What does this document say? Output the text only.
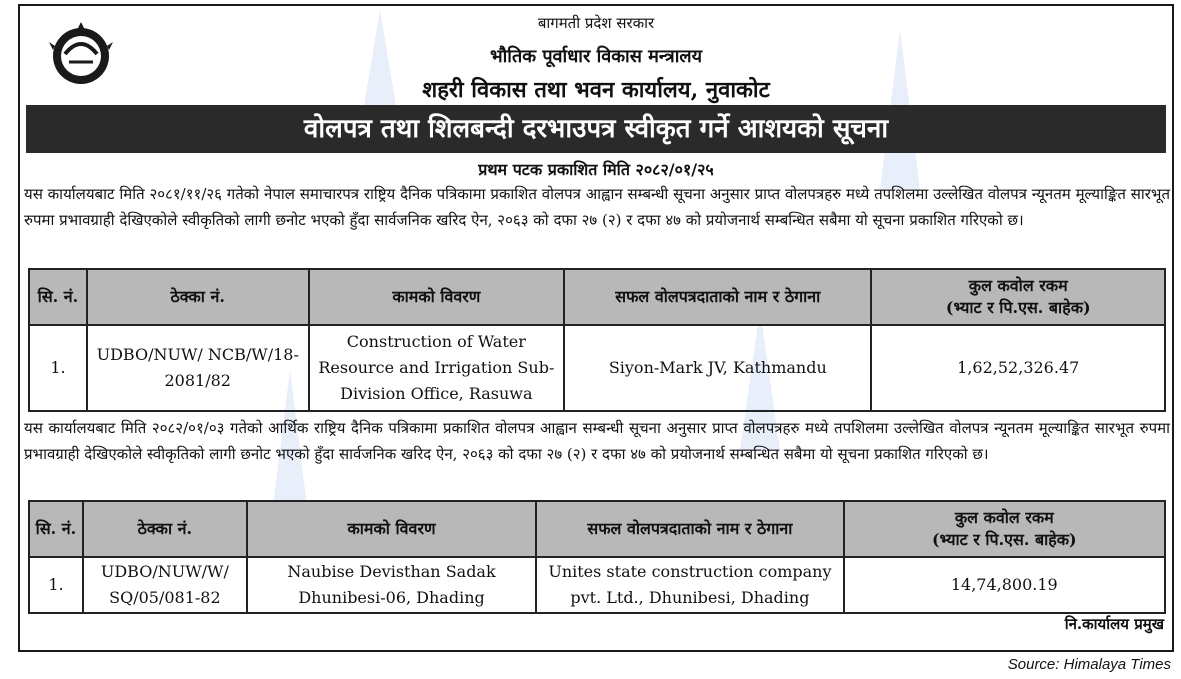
बागमती प्रदेश सरकार
भौतिक पूर्वाधार विकास मन्त्रालय
शहरी विकास तथा भवन कार्यालय, नुवाकोट
वोलपत्र तथा शिलबन्दी दरभाउपत्र स्वीकृत गर्ने आशयको सूचना
प्रथम पटक प्रकाशित मिति २०८२/०१/२५

यस कार्यालयबाट मिति २०८१/११/२६ गतेको नेपाल समाचारपत्र राष्ट्रिय दैनिक पत्रिकामा प्रकाशित वोलपत्र आह्वान सम्बन्धी सूचना अनुसार प्राप्त वोलपत्रहरु मध्ये तपशिलमा उल्लेखित वोलपत्र न्यूनतम मूल्याङ्कित सारभूत रुपमा प्रभावग्राही देखिएकोले स्वीकृतिको लागी छनोट भएको हुँदा सार्वजनिक खरिद ऐन, २०६३ को दफा २७ (२) र दफा ४७ को प्रयोजनार्थ सम्बन्धित सबैमा यो सूचना प्रकाशित गरिएको छ।

सि. नं.	ठेक्का नं.	कामको विवरण	सफल वोलपत्रदाताको नाम र ठेगाना	कुल कवोल रकम
(भ्याट र पि.एस. बाहेक)

1.	UDBO/NUW/ NCB/W/18-2081/82	Construction of Water Resource and Irrigation Sub-Division Office, Rasuwa	Siyon-Mark JV, Kathmandu	1,62,52,326.47

यस कार्यालयबाट मिति २०८२/०१/०३ गतेको आर्थिक राष्ट्रिय दैनिक पत्रिकामा प्रकाशित वोलपत्र आह्वान सम्बन्धी सूचना अनुसार प्राप्त वोलपत्रहरु मध्ये तपशिलमा उल्लेखित वोलपत्र न्यूनतम मूल्याङ्कित सारभूत रुपमा प्रभावग्राही देखिएकोले स्वीकृतिको लागी छनोट भएको हुँदा सार्वजनिक खरिद ऐन, २०६३ को दफा २७ (२) र दफा ४७ को प्रयोजनार्थ सम्बन्धित सबैमा यो सूचना प्रकाशित गरिएको छ।

सि. नं.	ठेक्का नं.	कामको विवरण	सफल वोलपत्रदाताको नाम र ठेगाना	कुल कवोल रकम
(भ्याट र पि.एस. बाहेक)

1.	UDBO/NUW/W/ SQ/05/081-82	Naubise Devisthan Sadak Dhunibesi-06, Dhading	Unites state construction company pvt. Ltd., Dhunibesi, Dhading	14,74,800.19
नि.कार्यालय प्रमुख
Source: Himalaya Times
